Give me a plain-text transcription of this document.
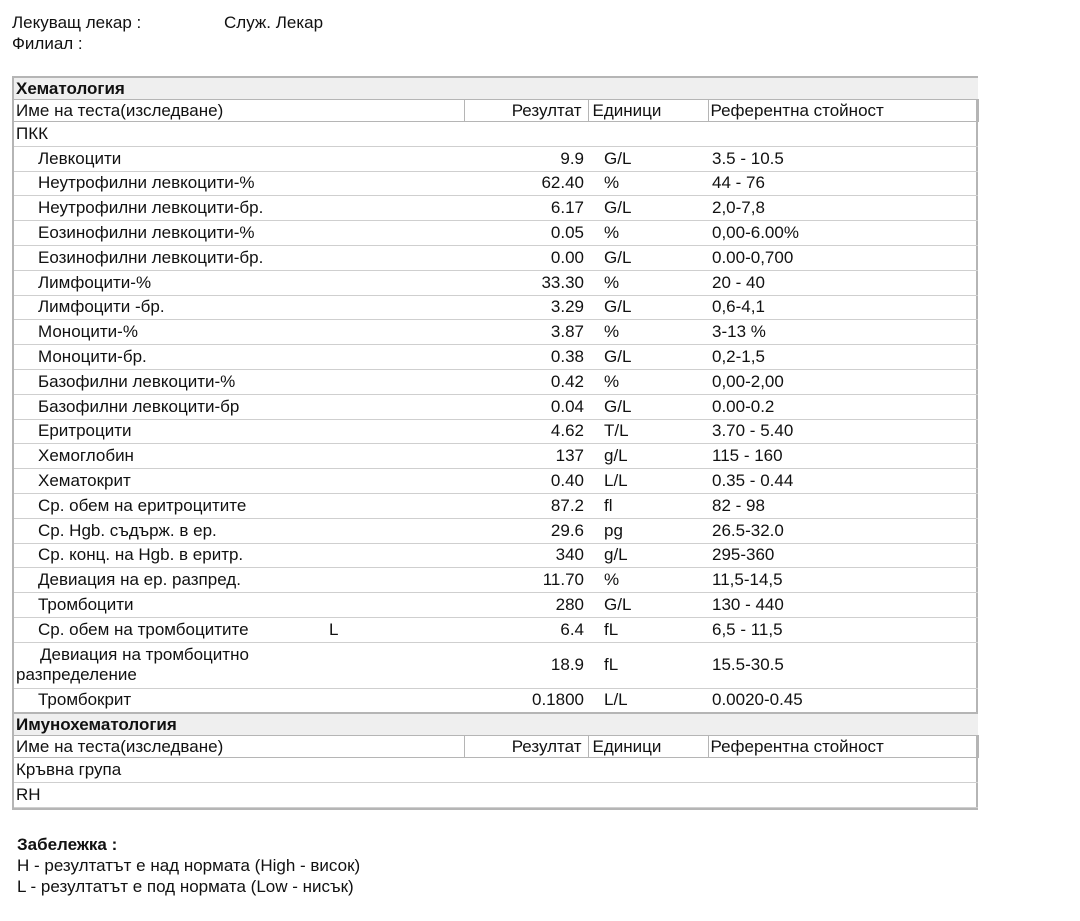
Лекуващ лекар :	Служ. Лекар
Филиал :
Хематология					
Име на теста(изследване)		Резултат	Единици	Референтна стойност	
ПКК					
Левкоцити		9.9	G/L	3.5 - 10.5	
Неутрофилни левкоцити-%		62.40	%	44 - 76	
Неутрофилни левкоцити-бр.		6.17	G/L	2,0-7,8	
Еозинофилни левкоцити-%		0.05	%	0,00-6.00%	
Еозинофилни левкоцити-бр.		0.00	G/L	0.00-0,700	
Лимфоцити-%		33.30	%	20 - 40	
Лимфоцити -бр.		3.29	G/L	0,6-4,1	
Моноцити-%		3.87	%	3-13 %	
Моноцити-бр.		0.38	G/L	0,2-1,5	
Базофилни левкоцити-%		0.42	%	0,00-2,00	
Базофилни левкоцити-бр		0.04	G/L	0.00-0.2	
Еритроцити		4.62	T/L	3.70 - 5.40	
Хемоглобин		137	g/L	115 - 160	
Хематокрит		0.40	L/L	0.35 - 0.44	
Ср. обем на еритроцитите		87.2	fl	82 - 98	
Ср. Hgb. съдърж. в ер.		29.6	pg	26.5-32.0	
Ср. конц. на Hgb. в еритр.		340	g/L	295-360	
Девиация на ер. разпред.		11.70	%	11,5-14,5	
Тромбоцити		280	G/L	130 - 440	
Ср. обем на тромбоцитите	L	6.4	fL	6,5 - 11,5	

Девиация на тромбоцитно
разпределение		18.9	fL	15.5-30.5	
Тромбокрит		0.1800	L/L	0.0020-0.45	
Имунохематология					
Име на теста(изследване)		Резултат	Единици	Референтна стойност	
Кръвна група					
RH					
Забележка :
H - резултатът е над нормата (High - висок)
L - резултатът е под нормата (Low - нисък)
